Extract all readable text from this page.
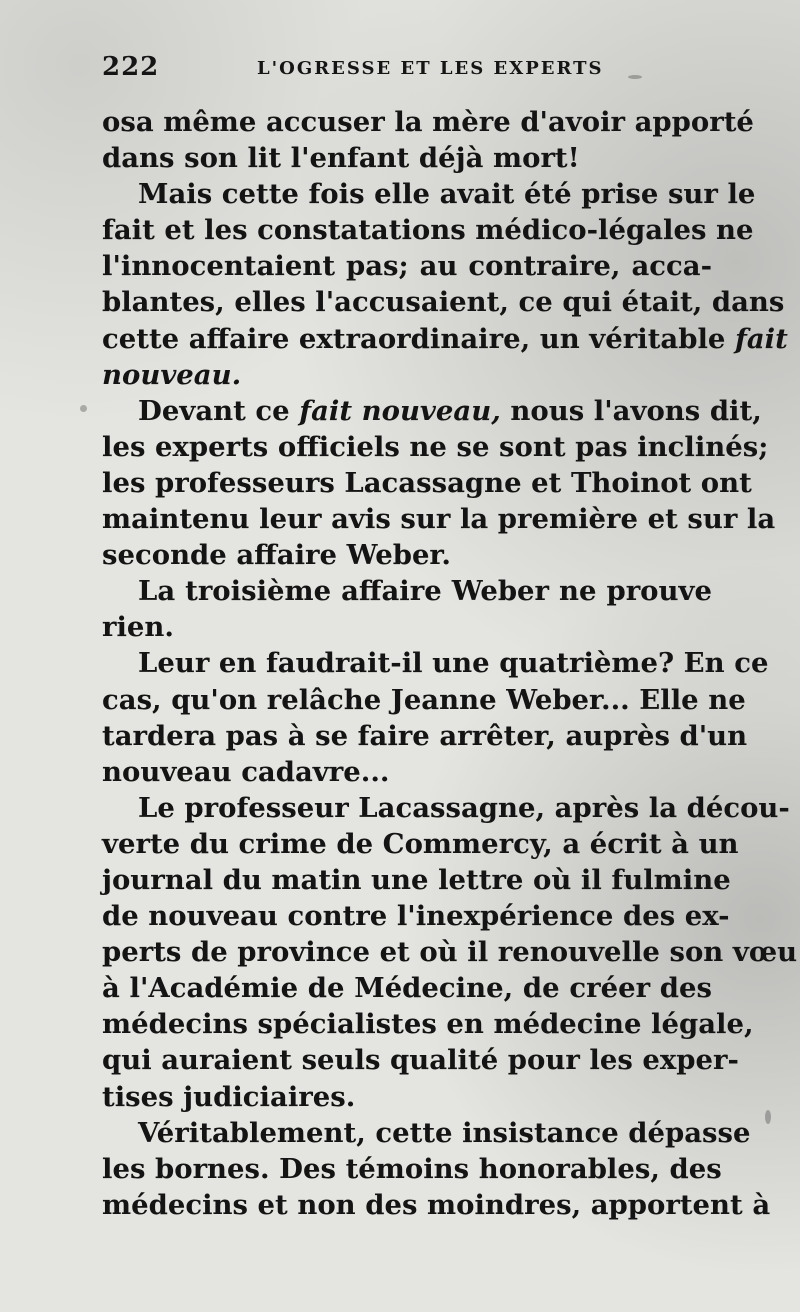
222	L'OGRESSE ET LES EXPERTS
osa même accuser la mère d'avoir apporté
dans son lit l'enfant déjà mort!
Mais cette fois elle avait été prise sur le
fait et les constatations médico-légales ne
l'innocentaient pas; au contraire, acca-
blantes, elles l'accusaient, ce qui était, dans
cette affaire extraordinaire, un véritable fait
nouveau.
Devant ce fait nouveau, nous l'avons dit,
les experts officiels ne se sont pas inclinés;
les professeurs Lacassagne et Thoinot ont
maintenu leur avis sur la première et sur la
seconde affaire Weber.
La troisième affaire Weber ne prouve
rien.
Leur en faudrait-il une quatrième? En ce
cas, qu'on relâche Jeanne Weber... Elle ne
tardera pas à se faire arrêter, auprès d'un
nouveau cadavre...
Le professeur Lacassagne, après la décou-
verte du crime de Commercy, a écrit à un
journal du matin une lettre où il fulmine
de nouveau contre l'inexpérience des ex-
perts de province et où il renouvelle son vœu
à l'Académie de Médecine, de créer des
médecins spécialistes en médecine légale,
qui auraient seuls qualité pour les exper-
tises judiciaires.
Véritablement, cette insistance dépasse
les bornes. Des témoins honorables, des
médecins et non des moindres, apportent à
